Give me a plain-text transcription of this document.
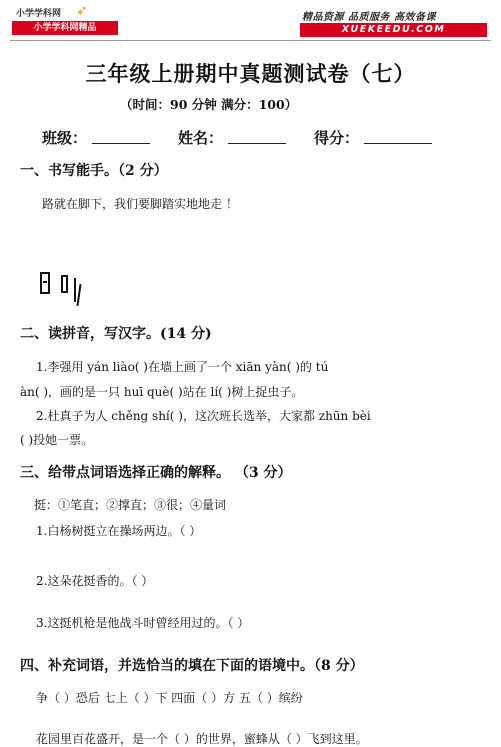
小学学科网 ➶
小学学科网精品
精品资源 品质服务 高效备课
XUEKEEDU.COM
三年级上册期中真题测试卷（七）
（时间：90 分钟 满分：100）
班级：	姓名：	得分：
一、书写能手。（2 分）
路就在脚下，我们要脚踏实地地走 ！
二、读拼音，写汉字。(14 分)
1.李强用 yán liào( )在墙上画了一个 xiān yàn( )的 tú
àn( )，画的是一只 huī què( )站在 lí( )树上捉虫子。
2.杜真子为人 chěng shí( )，这次班长选举，大家都 zhūn bèi
( )投她一票。
三、给带点词语选择正确的解释。 （3 分）
挺：①笔直；②撑直；③很；④量词
1.白杨树挺立在操场两边。（ ）
2.这朵花挺香的。（ ）
3.这挺机枪是他战斗时曾经用过的。（ ）
四、补充词语，并选恰当的填在下面的语境中。（8 分）
争（ ）恐后 七上（ ）下 四面（ ）方 五（ ）缤纷
花园里百花盛开，是一个（ ）的世界，蜜蜂从（ ）飞到这里。
